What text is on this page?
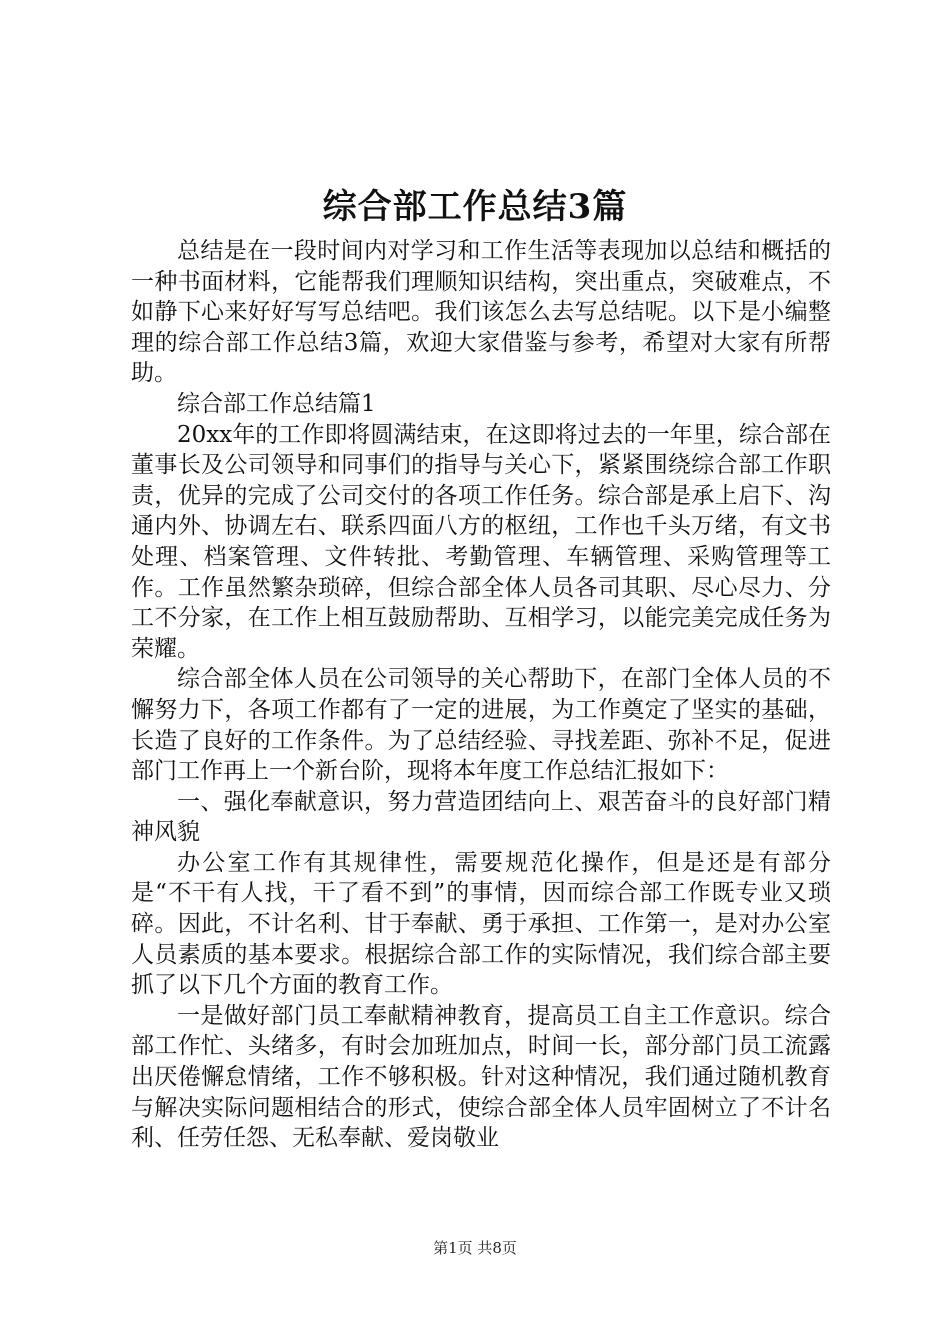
综合部工作总结3篇

总结是在一段时间内对学习和工作生活等表现加以总结和概括的一种书面材料，它能帮我们理顺知识结构，突出重点，突破难点，不如静下心来好好写写总结吧。我们该怎么去写总结呢。以下是小编整理的综合部工作总结3篇，欢迎大家借鉴与参考，希望对大家有所帮助。

综合部工作总结篇1

20xx年的工作即将圆满结束，在这即将过去的一年里，综合部在董事长及公司领导和同事们的指导与关心下，紧紧围绕综合部工作职责，优异的完成了公司交付的各项工作任务。综合部是承上启下、沟通内外、协调左右、联系四面八方的枢纽，工作也千头万绪，有文书处理、档案管理、文件转批、考勤管理、车辆管理、采购管理等工作。工作虽然繁杂琐碎，但综合部全体人员各司其职、尽心尽力、分工不分家，在工作上相互鼓励帮助、互相学习，以能完美完成任务为荣耀。

综合部全体人员在公司领导的关心帮助下，在部门全体人员的不懈努力下，各项工作都有了一定的进展，为工作奠定了坚实的基础，长造了良好的工作条件。为了总结经验、寻找差距、弥补不足，促进部门工作再上一个新台阶，现将本年度工作总结汇报如下：

一、强化奉献意识，努力营造团结向上、艰苦奋斗的良好部门精神风貌

办公室工作有其规律性，需要规范化操作，但是还是有部分是“不干有人找，干了看不到”的事情，因而综合部工作既专业又琐碎。因此，不计名利、甘于奉献、勇于承担、工作第一，是对办公室人员素质的基本要求。根据综合部工作的实际情况，我们综合部主要抓了以下几个方面的教育工作。

一是做好部门员工奉献精神教育，提高员工自主工作意识。综合部工作忙、头绪多，有时会加班加点，时间一长，部分部门员工流露出厌倦懈怠情绪，工作不够积极。针对这种情况，我们通过随机教育与解决实际问题相结合的形式，使综合部全体人员牢固树立了不计名利、任劳任怨、无私奉献、爱岗敬业

第1页 共8页
